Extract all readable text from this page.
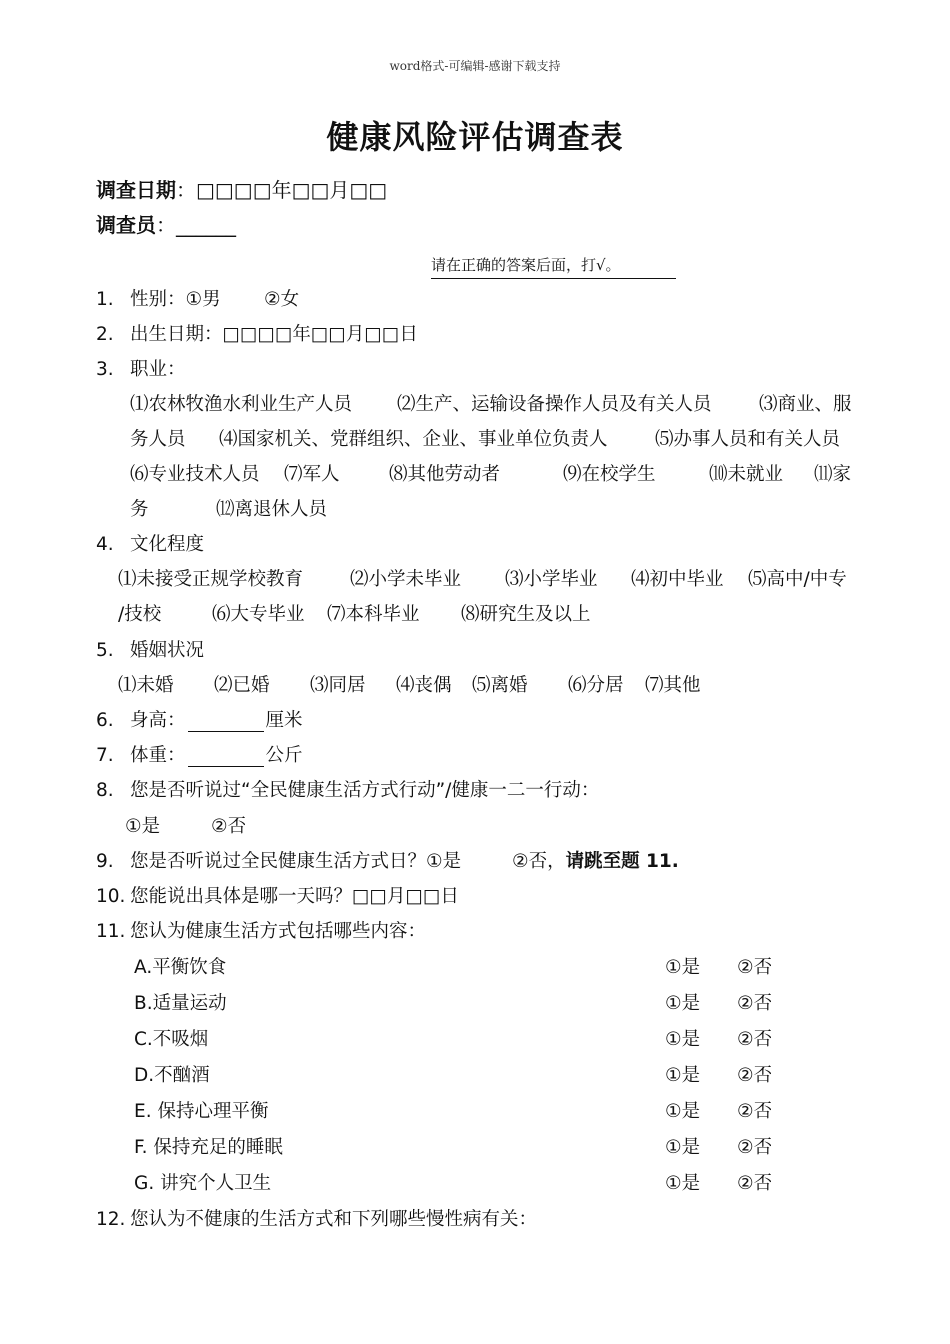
word格式-可编辑-感谢下载支持
健康风险评估调查表
调查日期：□□□□年□□月□□
调查员：______
请在正确的答案后面，打√。
1. 性别：①男 ②女
2. 出生日期：□□□□年□□月□□日
3. 职业：
⑴农林牧渔水利业生产人员 ⑵生产、运输设备操作人员及有关人员	⑶商业、服
务人员 ⑷国家机关、党群组织、企业、事业单位负责人	⑸办事人员和有关人员
⑹专业技术人员 ⑺军人	⑻其他劳动者	⑼在校学生	⑽未就业 ⑾家
务	⑿离退休人员
4. 文化程度
⑴未接受正规学校教育	⑵小学未毕业 ⑶小学毕业 ⑷初中毕业 ⑸高中/中专
/技校	⑹大专毕业 ⑺本科毕业 ⑻研究生及以上
5. 婚姻状况
⑴未婚 ⑵已婚 ⑶同居 ⑷丧偶 ⑸离婚 ⑹分居 ⑺其他
6. 身高：	厘米
7. 体重：	公斤
8. 您是否听说过“全民健康生活方式行动”/健康一二一行动：
①是	②否
9. 您是否听说过全民健康生活方式日？①是	②否，请跳至题 11.
10. 您能说出具体是哪一天吗？□□月□□日
11. 您认为健康生活方式包括哪些内容：
A.平衡饮食	①是 ②否
B.适量运动	①是 ②否
C.不吸烟	①是 ②否
D.不酗酒	①是 ②否
E. 保持心理平衡	①是 ②否
F. 保持充足的睡眠	①是 ②否
G. 讲究个人卫生	①是 ②否
12. 您认为不健康的生活方式和下列哪些慢性病有关：
